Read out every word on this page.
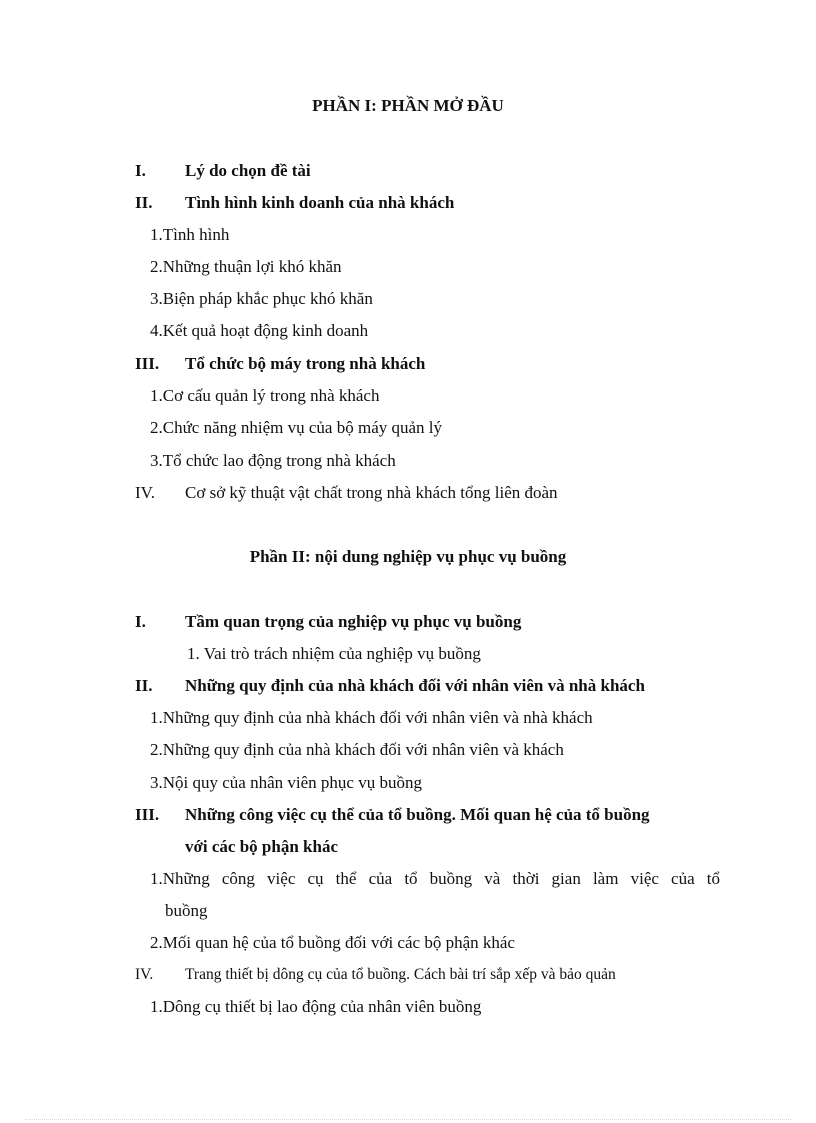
PHẦN I: PHẦN MỞ ĐẦU
I. Lý do chọn đề tài
II. Tình hình kinh doanh của nhà khách
1.Tình hình
2.Những thuận lợi khó khăn
3.Biện pháp khắc phục khó khăn
4.Kết quả hoạt động kinh doanh
III. Tổ chức bộ máy trong nhà khách
1.Cơ cấu quản lý trong nhà khách
2.Chức năng nhiệm vụ của bộ máy quản lý
3.Tổ chức lao động trong nhà khách
IV. Cơ sở kỹ thuật vật chất trong nhà khách tổng liên đoàn
Phần II: nội dung nghiệp vụ phục vụ buồng
I. Tầm quan trọng của nghiệp vụ phục vụ buồng
1. Vai trò trách nhiệm của nghiệp vụ buồng
II. Những quy định của nhà khách đối với nhân viên và nhà khách
1.Những quy định của nhà khách đối với nhân viên và nhà khách
2.Những quy định của nhà khách đối với nhân viên và khách
3.Nội quy của nhân viên phục vụ buồng
III. Những công việc cụ thể của tổ buồng. Mối quan hệ của tổ buồng
với các bộ phận khác
1.Những công việc cụ thể của tổ buồng và thời gian làm việc của tổ
buồng
2.Mối quan hệ của tổ buồng đối với các bộ phận khác
IV. Trang thiết bị dông cụ của tổ buồng. Cách bài trí sắp xếp và bảo quản
1.Dông cụ thiết bị lao động của nhân viên buồng
